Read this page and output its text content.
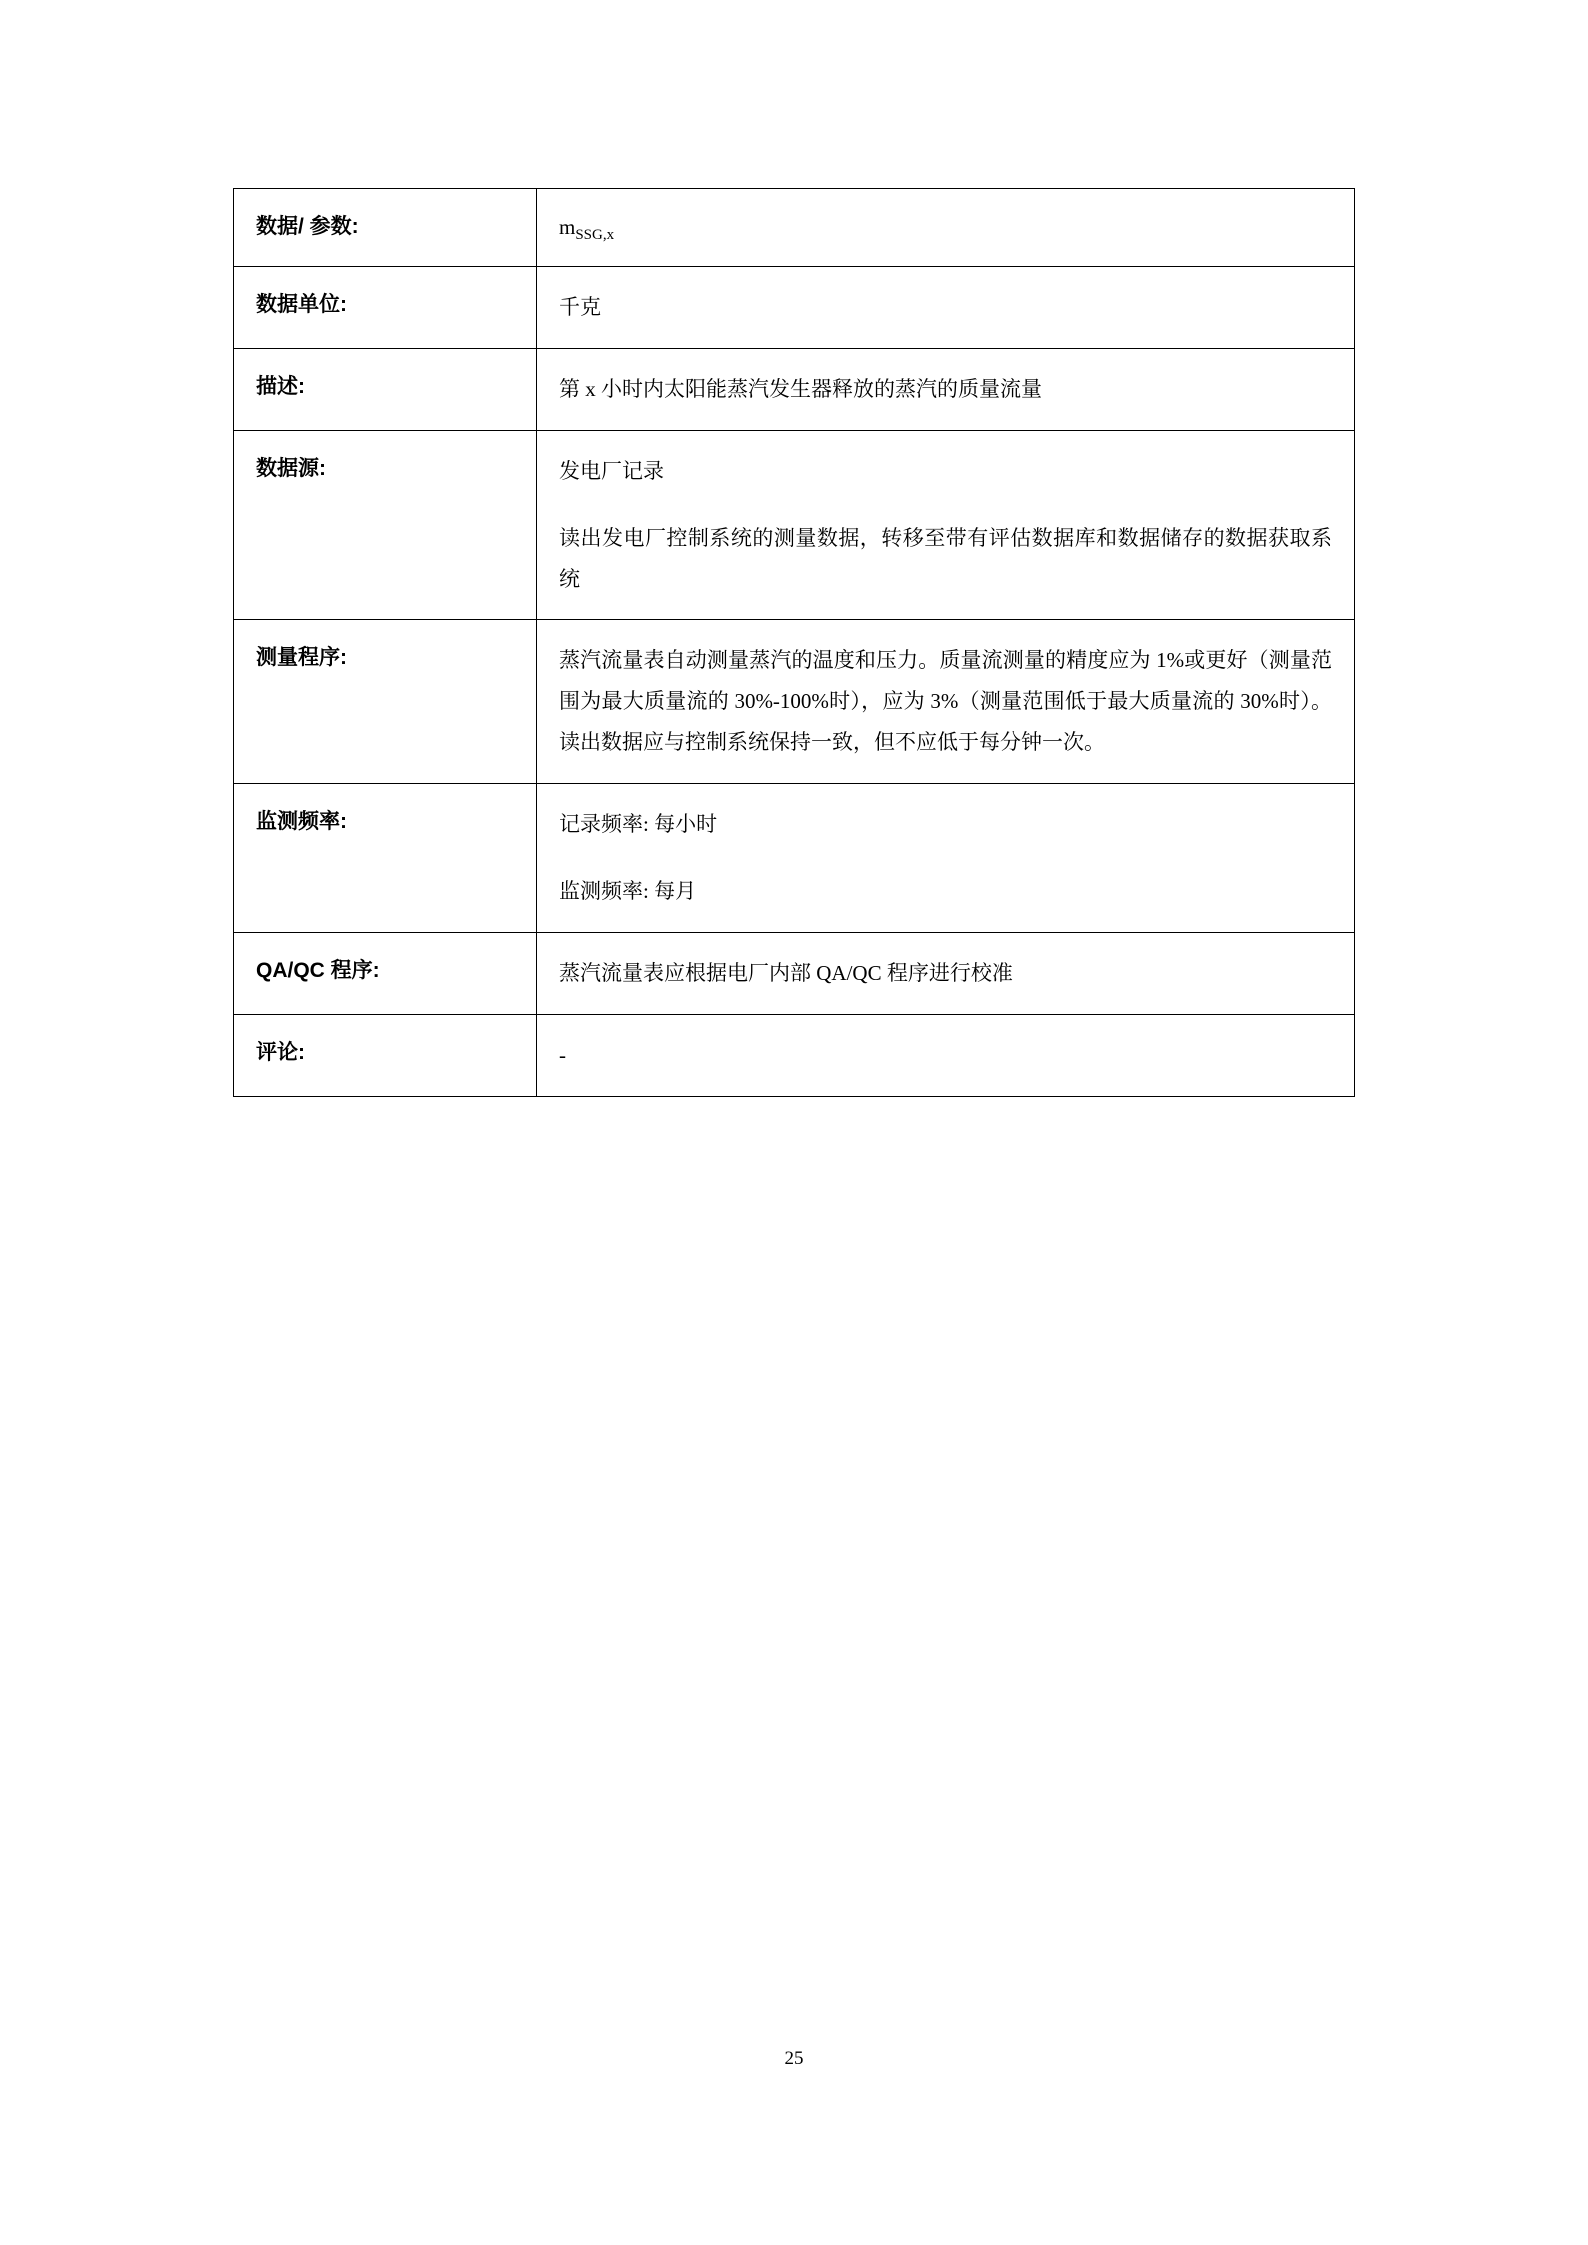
数据/ 参数:	$m_{SSG,x}$
数据单位:	千克

描述:	第 x 小时内太阳能蒸汽发生器释放的蒸汽的质量流量

数据源:	发电厂记录

读出发电厂控制系统的测量数据，转移至带有评估数据库和数据储存的数据获取系统

测量程序:	蒸汽流量表自动测量蒸汽的温度和压力。质量流测量的精度应为 1%或更好（测量范围为最大质量流的 30%-100%时），应为 3%（测量范围低于最大质量流的 30%时）。读出数据应与控制系统保持一致，但不应低于每分钟一次。

监测频率:	记录频率: 每小时

监测频率: 每月

QA/QC 程序:	蒸汽流量表应根据电厂内部 QA/QC 程序进行校准

评论:	-

25
